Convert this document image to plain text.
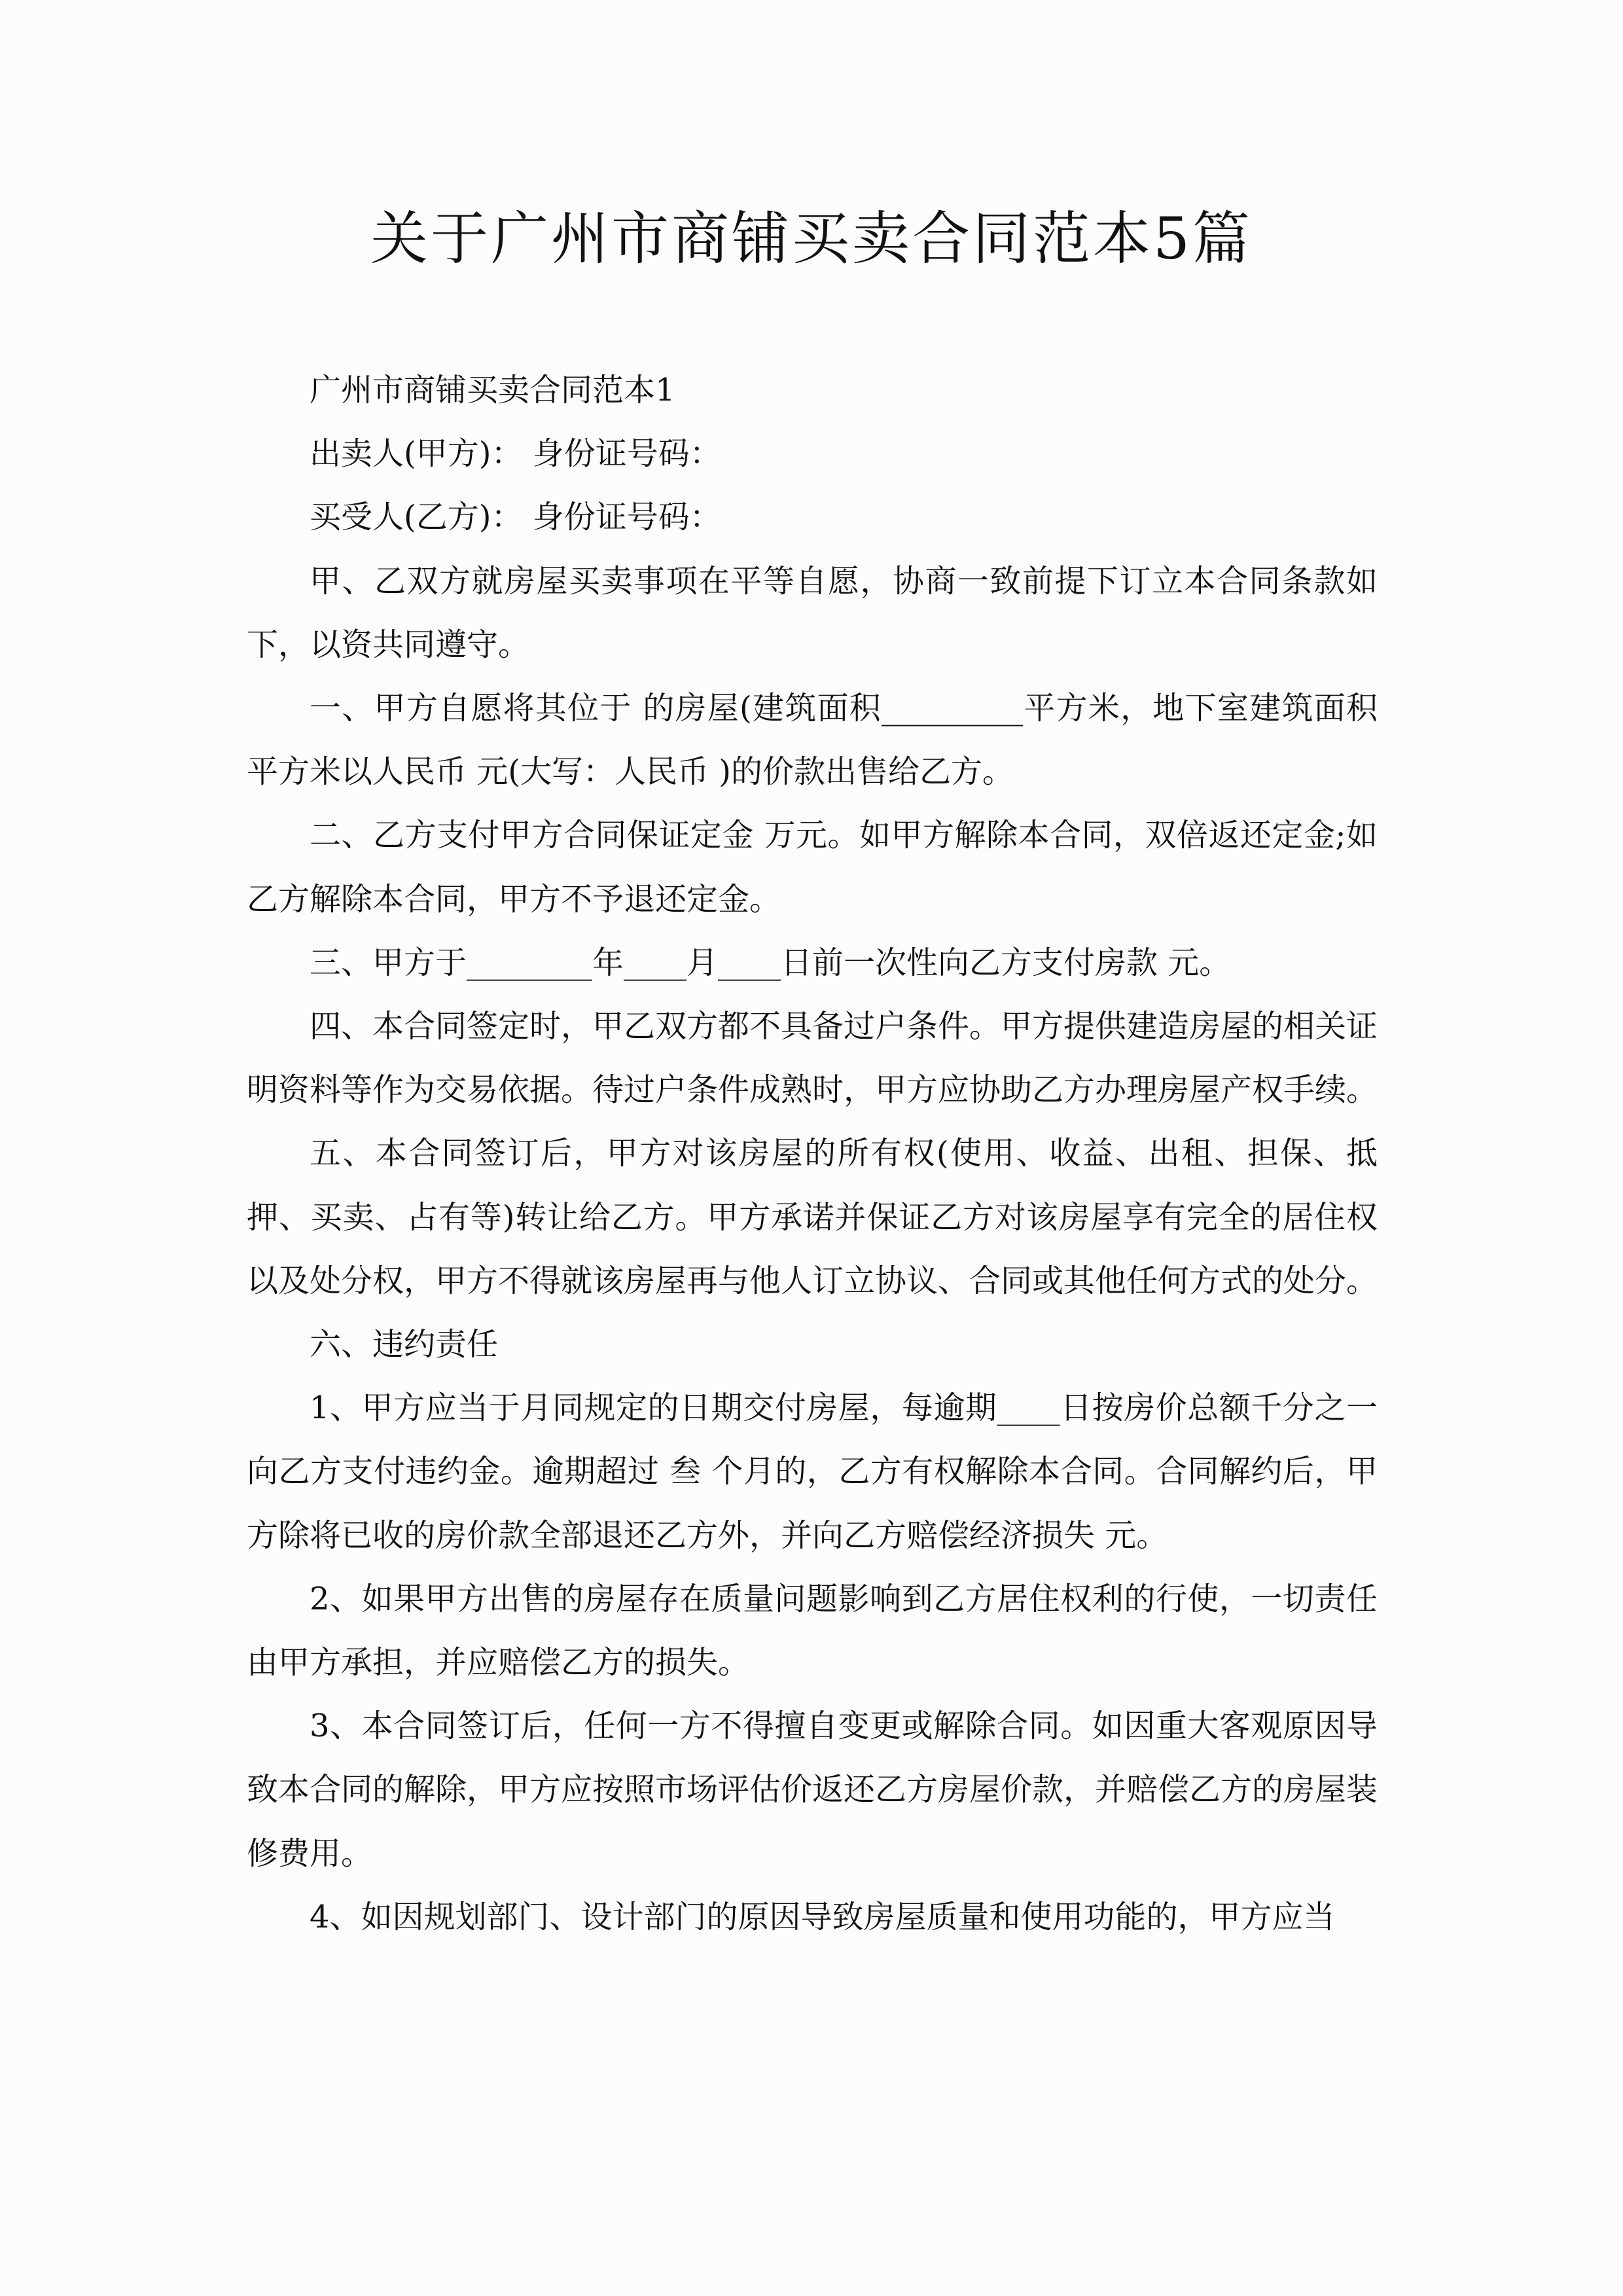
关于广州市商铺买卖合同范本5篇

广州市商铺买卖合同范本1

出卖人(甲方)： 身份证号码：

买受人(乙方)： 身份证号码：

甲、乙双方就房屋买卖事项在平等自愿，协商一致前提下订立本合同条款如下，以资共同遵守。

一、甲方自愿将其位于 的房屋(建筑面积_________平方米，地下室建筑面积 平方米以人民币 元(大写：人民币 )的价款出售给乙方。

二、乙方支付甲方合同保证定金 万元。如甲方解除本合同，双倍返还定金;如乙方解除本合同，甲方不予退还定金。

三、甲方于________年____月____日前一次性向乙方支付房款 元。

四、本合同签定时，甲乙双方都不具备过户条件。甲方提供建造房屋的相关证明资料等作为交易依据。待过户条件成熟时，甲方应协助乙方办理房屋产权手续。

五、本合同签订后，甲方对该房屋的所有权(使用、收益、出租、担保、抵押、买卖、占有等)转让给乙方。甲方承诺并保证乙方对该房屋享有完全的居住权以及处分权，甲方不得就该房屋再与他人订立协议、合同或其他任何方式的处分。

六、违约责任

1、甲方应当于月同规定的日期交付房屋，每逾期____日按房价总额千分之一向乙方支付违约金。逾期超过 叁 个月的，乙方有权解除本合同。合同解约后，甲方除将已收的房价款全部退还乙方外，并向乙方赔偿经济损失 元。

2、如果甲方出售的房屋存在质量问题影响到乙方居住权利的行使，一切责任由甲方承担，并应赔偿乙方的损失。

3、本合同签订后，任何一方不得擅自变更或解除合同。如因重大客观原因导致本合同的解除，甲方应按照市场评估价返还乙方房屋价款，并赔偿乙方的房屋装修费用。

4、如因规划部门、设计部门的原因导致房屋质量和使用功能的，甲方应当
